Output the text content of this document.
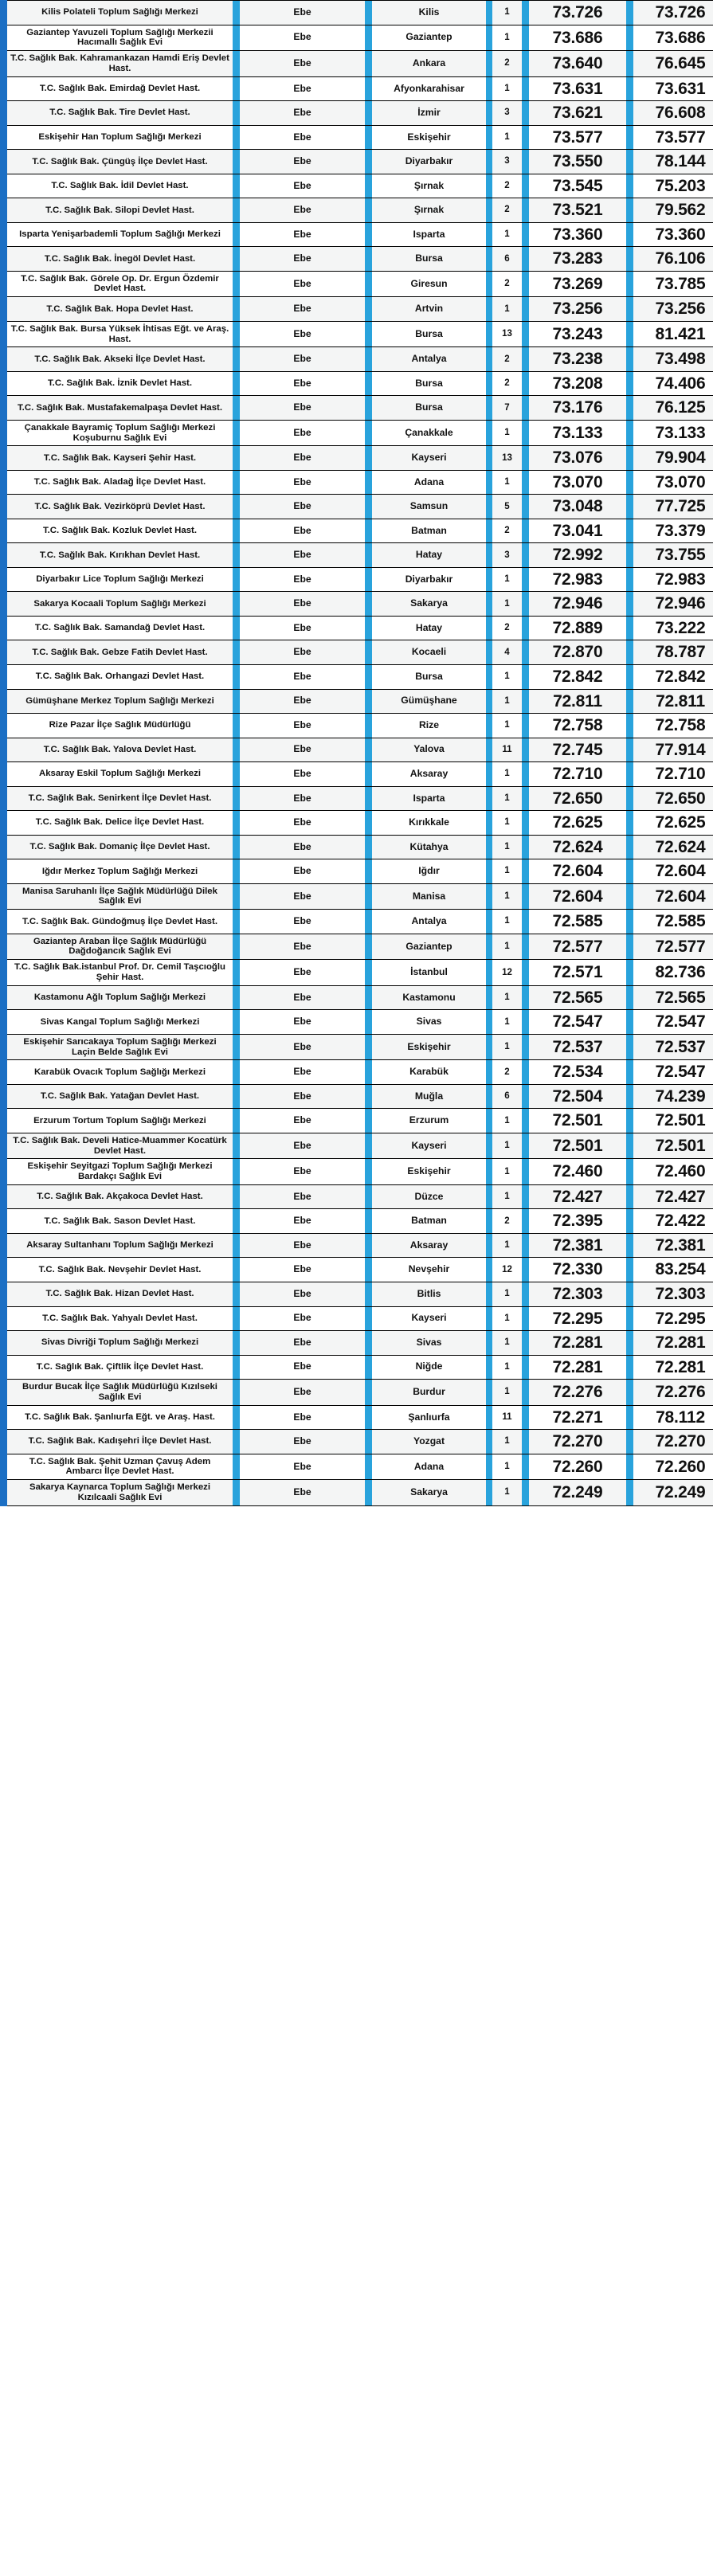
Kilis Polateli Toplum Sağlığı Merkezi		Ebe		Kilis		1		73.726		73.726
Gaziantep Yavuzeli Toplum Sağlığı Merkezii Hacımallı Sağlık Evi		Ebe		Gaziantep		1		73.686		73.686
T.C. Sağlık Bak. Kahramankazan Hamdi Eriş Devlet Hast.		Ebe		Ankara		2		73.640		76.645
T.C. Sağlık Bak. Emirdağ Devlet Hast.		Ebe		Afyonkarahisar		1		73.631		73.631
T.C. Sağlık Bak. Tire Devlet Hast.		Ebe		İzmir		3		73.621		76.608
Eskişehir Han Toplum Sağlığı Merkezi		Ebe		Eskişehir		1		73.577		73.577
T.C. Sağlık Bak. Çüngüş İlçe Devlet Hast.		Ebe		Diyarbakır		3		73.550		78.144
T.C. Sağlık Bak. İdil Devlet Hast.		Ebe		Şırnak		2		73.545		75.203
T.C. Sağlık Bak. Silopi Devlet Hast.		Ebe		Şırnak		2		73.521		79.562
Isparta Yenişarbademli Toplum Sağlığı Merkezi		Ebe		Isparta		1		73.360		73.360
T.C. Sağlık Bak. İnegöl Devlet Hast.		Ebe		Bursa		6		73.283		76.106
T.C. Sağlık Bak. Görele Op. Dr. Ergun Özdemir Devlet Hast.		Ebe		Giresun		2		73.269		73.785
T.C. Sağlık Bak. Hopa Devlet Hast.		Ebe		Artvin		1		73.256		73.256
T.C. Sağlık Bak. Bursa Yüksek İhtisas Eğt. ve Araş. Hast.		Ebe		Bursa		13		73.243		81.421
T.C. Sağlık Bak. Akseki İlçe Devlet Hast.		Ebe		Antalya		2		73.238		73.498
T.C. Sağlık Bak. İznik Devlet Hast.		Ebe		Bursa		2		73.208		74.406
T.C. Sağlık Bak. Mustafakemalpaşa Devlet Hast.		Ebe		Bursa		7		73.176		76.125
Çanakkale Bayramiç Toplum Sağlığı Merkezi Koşuburnu Sağlık Evi		Ebe		Çanakkale		1		73.133		73.133
T.C. Sağlık Bak. Kayseri Şehir Hast.		Ebe		Kayseri		13		73.076		79.904
T.C. Sağlık Bak. Aladağ İlçe Devlet Hast.		Ebe		Adana		1		73.070		73.070
T.C. Sağlık Bak. Vezirköprü Devlet Hast.		Ebe		Samsun		5		73.048		77.725
T.C. Sağlık Bak. Kozluk Devlet Hast.		Ebe		Batman		2		73.041		73.379
T.C. Sağlık Bak. Kırıkhan Devlet Hast.		Ebe		Hatay		3		72.992		73.755
Diyarbakır Lice Toplum Sağlığı Merkezi		Ebe		Diyarbakır		1		72.983		72.983
Sakarya Kocaali Toplum Sağlığı Merkezi		Ebe		Sakarya		1		72.946		72.946
T.C. Sağlık Bak. Samandağ Devlet Hast.		Ebe		Hatay		2		72.889		73.222
T.C. Sağlık Bak. Gebze Fatih Devlet Hast.		Ebe		Kocaeli		4		72.870		78.787
T.C. Sağlık Bak. Orhangazi Devlet Hast.		Ebe		Bursa		1		72.842		72.842
Gümüşhane Merkez Toplum Sağlığı Merkezi		Ebe		Gümüşhane		1		72.811		72.811
Rize Pazar İlçe Sağlık Müdürlüğü		Ebe		Rize		1		72.758		72.758
T.C. Sağlık Bak. Yalova Devlet Hast.		Ebe		Yalova		11		72.745		77.914
Aksaray Eskil Toplum Sağlığı Merkezi		Ebe		Aksaray		1		72.710		72.710
T.C. Sağlık Bak. Senirkent İlçe Devlet Hast.		Ebe		Isparta		1		72.650		72.650
T.C. Sağlık Bak. Delice İlçe Devlet Hast.		Ebe		Kırıkkale		1		72.625		72.625
T.C. Sağlık Bak. Domaniç İlçe Devlet Hast.		Ebe		Kütahya		1		72.624		72.624
Iğdır Merkez Toplum Sağlığı Merkezi		Ebe		Iğdır		1		72.604		72.604
Manisa Saruhanlı İlçe Sağlık Müdürlüğü Dilek Sağlık Evi		Ebe		Manisa		1		72.604		72.604
T.C. Sağlık Bak. Gündoğmuş İlçe Devlet Hast.		Ebe		Antalya		1		72.585		72.585
Gaziantep Araban İlçe Sağlık Müdürlüğü Dağdoğancık Sağlık Evi		Ebe		Gaziantep		1		72.577		72.577
T.C. Sağlık Bak.istanbul Prof. Dr. Cemil Taşcıoğlu Şehir Hast.		Ebe		İstanbul		12		72.571		82.736
Kastamonu Ağlı Toplum Sağlığı Merkezi		Ebe		Kastamonu		1		72.565		72.565
Sivas Kangal Toplum Sağlığı Merkezi		Ebe		Sivas		1		72.547		72.547
Eskişehir Sarıcakaya Toplum Sağlığı Merkezi Laçin Belde Sağlık Evi		Ebe		Eskişehir		1		72.537		72.537
Karabük Ovacık Toplum Sağlığı Merkezi		Ebe		Karabük		2		72.534		72.547
T.C. Sağlık Bak. Yatağan Devlet Hast.		Ebe		Muğla		6		72.504		74.239
Erzurum Tortum Toplum Sağlığı Merkezi		Ebe		Erzurum		1		72.501		72.501
T.C. Sağlık Bak. Develi Hatice-Muammer Kocatürk Devlet Hast.		Ebe		Kayseri		1		72.501		72.501
Eskişehir Seyitgazi Toplum Sağlığı Merkezi Bardakçı Sağlık Evi		Ebe		Eskişehir		1		72.460		72.460
T.C. Sağlık Bak. Akçakoca Devlet Hast.		Ebe		Düzce		1		72.427		72.427
T.C. Sağlık Bak. Sason Devlet Hast.		Ebe		Batman		2		72.395		72.422
Aksaray Sultanhanı Toplum Sağlığı Merkezi		Ebe		Aksaray		1		72.381		72.381
T.C. Sağlık Bak. Nevşehir Devlet Hast.		Ebe		Nevşehir		12		72.330		83.254
T.C. Sağlık Bak. Hizan Devlet Hast.		Ebe		Bitlis		1		72.303		72.303
T.C. Sağlık Bak. Yahyalı Devlet Hast.		Ebe		Kayseri		1		72.295		72.295
Sivas Divriği Toplum Sağlığı Merkezi		Ebe		Sivas		1		72.281		72.281
T.C. Sağlık Bak. Çiftlik İlçe Devlet Hast.		Ebe		Niğde		1		72.281		72.281
Burdur Bucak İlçe Sağlık Müdürlüğü Kızılseki Sağlık Evi		Ebe		Burdur		1		72.276		72.276
T.C. Sağlık Bak. Şanlıurfa Eğt. ve Araş. Hast.		Ebe		Şanlıurfa		11		72.271		78.112
T.C. Sağlık Bak. Kadışehri İlçe Devlet Hast.		Ebe		Yozgat		1		72.270		72.270
T.C. Sağlık Bak. Şehit Uzman Çavuş Adem Ambarcı İlçe Devlet Hast.		Ebe		Adana		1		72.260		72.260
Sakarya Kaynarca Toplum Sağlığı Merkezi Kızılcaali Sağlık Evi		Ebe		Sakarya		1		72.249		72.249
